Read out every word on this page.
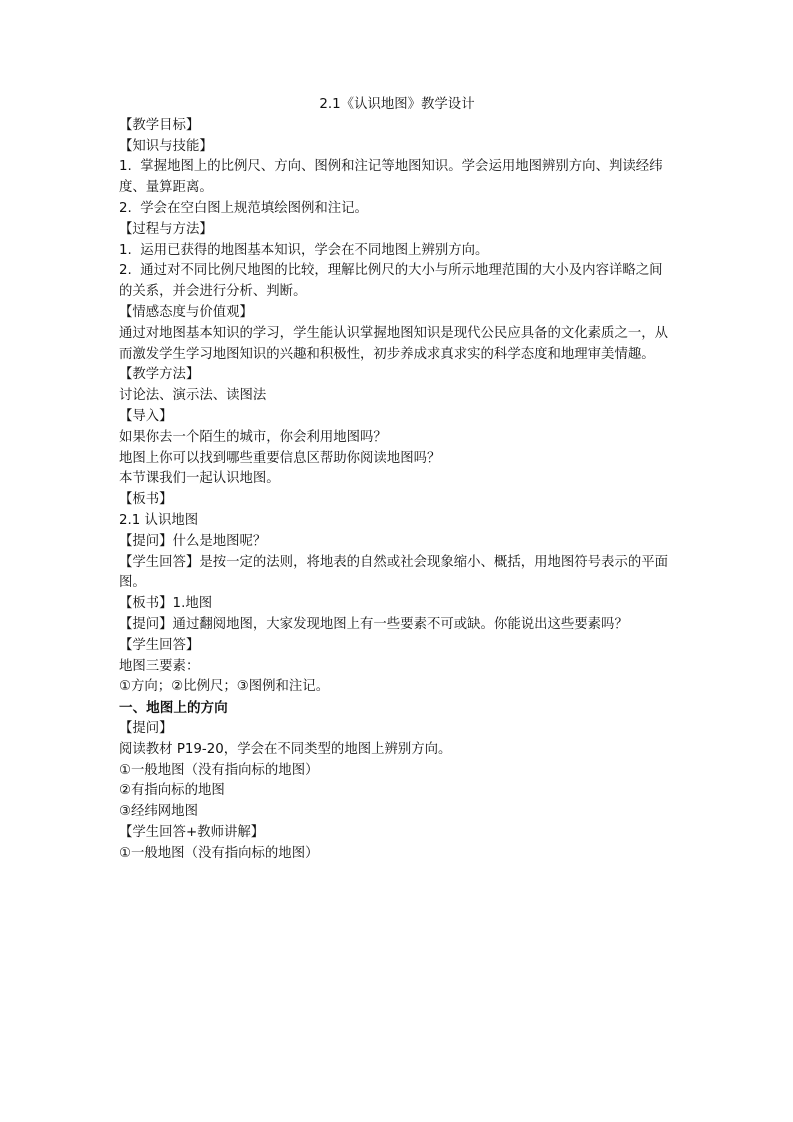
2.1《认识地图》教学设计
【教学目标】
【知识与技能】
1.  掌握地图上的比例尺、方向、图例和注记等地图知识。学会运用地图辨别方向、判读经纬度、量算距离。
2.  学会在空白图上规范填绘图例和注记。
【过程与方法】
1.  运用已获得的地图基本知识，学会在不同地图上辨别方向。
2.  通过对不同比例尺地图的比较，理解比例尺的大小与所示地理范围的大小及内容详略之间的关系，并会进行分析、判断。
【情感态度与价值观】
通过对地图基本知识的学习，学生能认识掌握地图知识是现代公民应具备的文化素质之一，从而激发学生学习地图知识的兴趣和积极性，初步养成求真求实的科学态度和地理审美情趣。
【教学方法】
讨论法、演示法、读图法
【导入】
如果你去一个陌生的城市，你会利用地图吗？
地图上你可以找到哪些重要信息区帮助你阅读地图吗？
本节课我们一起认识地图。
【板书】
2.1 认识地图
【提问】什么是地图呢？
【学生回答】是按一定的法则，将地表的自然或社会现象缩小、概括，用地图符号表示的平面图。
【板书】1.地图
【提问】通过翻阅地图，大家发现地图上有一些要素不可或缺。你能说出这些要素吗？
【学生回答】
地图三要素：
①方向；②比例尺；③图例和注记。
一、地图上的方向
【提问】
阅读教材 P19-20，学会在不同类型的地图上辨别方向。
①一般地图（没有指向标的地图）
②有指向标的地图
③经纬网地图
【学生回答+教师讲解】
①一般地图（没有指向标的地图）
